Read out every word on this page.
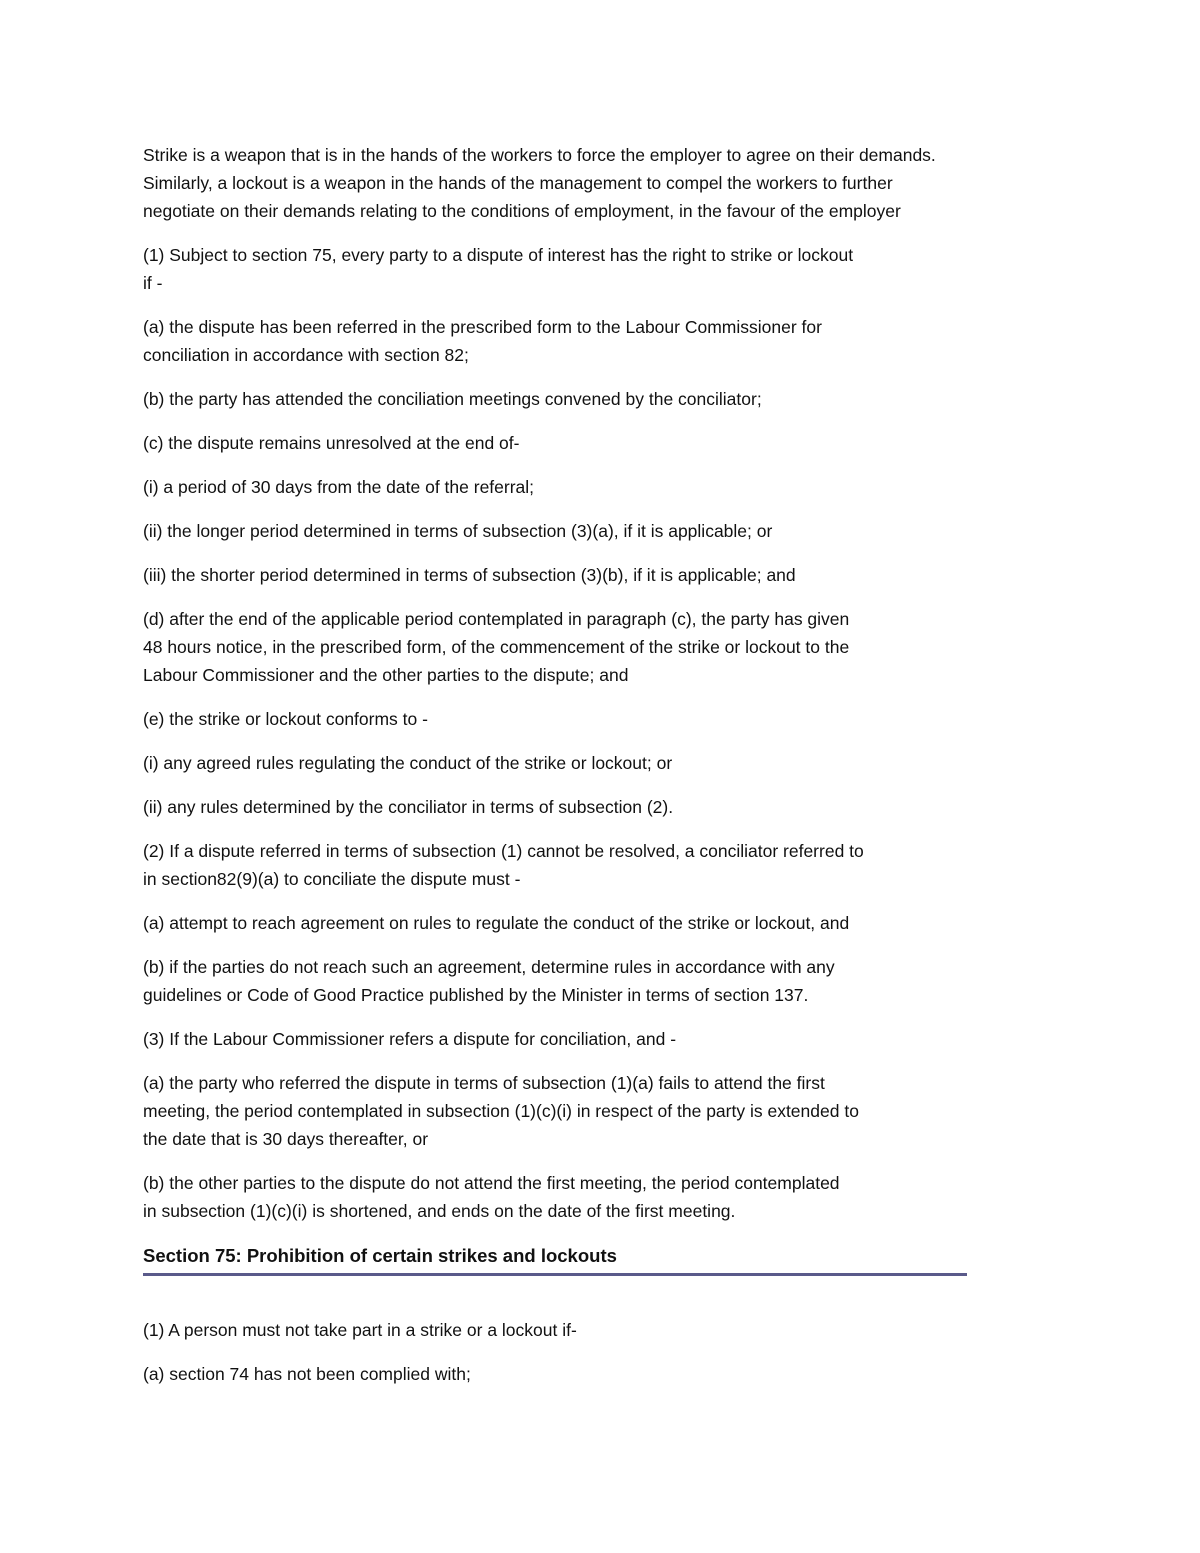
Strike is a weapon that is in the hands of the workers to force the employer to agree on their demands.
Similarly, a lockout is a weapon in the hands of the management to compel the workers to further
negotiate on their demands relating to the conditions of employment, in the favour of the employer

(1) Subject to section 75, every party to a dispute of interest has the right to strike or lockout
if -

(a) the dispute has been referred in the prescribed form to the Labour Commissioner for
conciliation in accordance with section 82;

(b) the party has attended the conciliation meetings convened by the conciliator;

(c) the dispute remains unresolved at the end of-

(i) a period of 30 days from the date of the referral;

(ii) the longer period determined in terms of subsection (3)(a), if it is applicable; or

(iii) the shorter period determined in terms of subsection (3)(b), if it is applicable; and

(d) after the end of the applicable period contemplated in paragraph (c), the party has given
48 hours notice, in the prescribed form, of the commencement of the strike or lockout to the
Labour Commissioner and the other parties to the dispute; and

(e) the strike or lockout conforms to -

(i) any agreed rules regulating the conduct of the strike or lockout; or

(ii) any rules determined by the conciliator in terms of subsection (2).

(2) If a dispute referred in terms of subsection (1) cannot be resolved, a conciliator referred to
in section82(9)(a) to conciliate the dispute must -

(a) attempt to reach agreement on rules to regulate the conduct of the strike or lockout, and

(b) if the parties do not reach such an agreement, determine rules in accordance with any
guidelines or Code of Good Practice published by the Minister in terms of section 137.

(3) If the Labour Commissioner refers a dispute for conciliation, and -

(a) the party who referred the dispute in terms of subsection (1)(a) fails to attend the first
meeting, the period contemplated in subsection (1)(c)(i) in respect of the party is extended to
the date that is 30 days thereafter, or

(b) the other parties to the dispute do not attend the first meeting, the period contemplated
in subsection (1)(c)(i) is shortened, and ends on the date of the first meeting.

Section 75: Prohibition of certain strikes and lockouts

(1) A person must not take part in a strike or a lockout if-

(a) section 74 has not been complied with;
